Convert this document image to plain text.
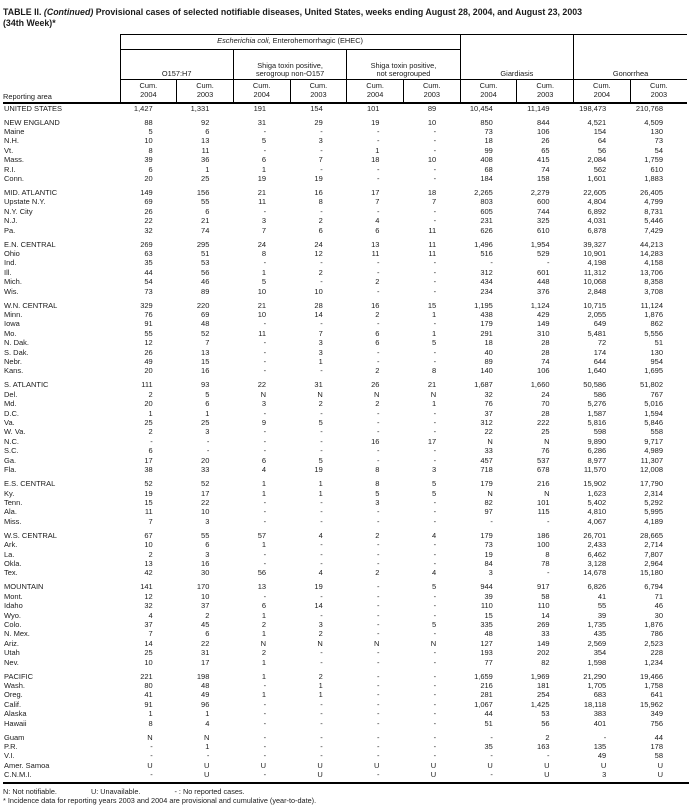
TABLE II. (Continued) Provisional cases of selected notifiable diseases, United States, weeks ending August 28, 2004, and August 23, 2003
(34th Week)*
Reporting area	Escherichia coli, Enterohemorrhagic (EHEC)						Giardiasis		Gonorrhea	

O157:H7

Shiga toxin positive,
serogroup non-O157

Shiga toxin positive,
not serogrouped

Cum.
2004

Cum.
2003

Cum.
2004

Cum.
2003

Cum.
2004

Cum.
2003

Cum.
2004

Cum.
2003

Cum.
2004

Cum.
2003

UNITED STATES	1,427	1,331	191	154	101	89	10,454	11,149	198,473	210,768

NEW ENGLAND	88	92	31	29	19	10	850	844	4,521	4,509
Maine	5	6	-	-	-	-	73	106	154	130
N.H.	10	13	5	3	-	-	18	26	64	73
Vt.	8	11	-	-	1	-	99	65	56	54
Mass.	39	36	6	7	18	10	408	415	2,084	1,759
R.I.	6	1	1	-	-	-	68	74	562	610
Conn.	20	25	19	19	-	-	184	158	1,601	1,883

MID. ATLANTIC	149	156	21	16	17	18	2,265	2,279	22,605	26,405
Upstate N.Y.	69	55	11	8	7	7	803	600	4,804	4,799
N.Y. City	26	6	-	-	-	-	605	744	6,892	8,731
N.J.	22	21	3	2	4	-	231	325	4,031	5,446
Pa.	32	74	7	6	6	11	626	610	6,878	7,429

E.N. CENTRAL	269	295	24	24	13	11	1,496	1,954	39,327	44,213
Ohio	63	51	8	12	11	11	516	529	10,901	14,283
Ind.	35	53	-	-	-	-	-	-	4,198	4,158
Ill.	44	56	1	2	-	-	312	601	11,312	13,706
Mich.	54	46	5	-	2	-	434	448	10,068	8,358
Wis.	73	89	10	10	-	-	234	376	2,848	3,708

W.N. CENTRAL	329	220	21	28	16	15	1,195	1,124	10,715	11,124
Minn.	76	69	10	14	2	1	438	429	2,055	1,876
Iowa	91	48	-	-	-	-	179	149	649	862
Mo.	55	52	11	7	6	1	291	310	5,481	5,556
N. Dak.	12	7	-	3	6	5	18	28	72	51
S. Dak.	26	13	-	3	-	-	40	28	174	130
Nebr.	49	15	-	1	-	-	89	74	644	954
Kans.	20	16	-	-	2	8	140	106	1,640	1,695

S. ATLANTIC	111	93	22	31	26	21	1,687	1,660	50,586	51,802
Del.	2	5	N	N	N	N	32	24	586	767
Md.	20	6	3	2	2	1	76	70	5,276	5,016
D.C.	1	1	-	-	-	-	37	28	1,587	1,594
Va.	25	25	9	5	-	-	312	222	5,816	5,846
W. Va.	2	3	-	-	-	-	22	25	598	558
N.C.	-	-	-	-	16	17	N	N	9,890	9,717
S.C.	6	-	-	-	-	-	33	76	6,286	4,989
Ga.	17	20	6	5	-	-	457	537	8,977	11,307
Fla.	38	33	4	19	8	3	718	678	11,570	12,008

E.S. CENTRAL	52	52	1	1	8	5	179	216	15,902	17,790
Ky.	19	17	1	1	5	5	N	N	1,623	2,314
Tenn.	15	22	-	-	3	-	82	101	5,402	5,292
Ala.	11	10	-	-	-	-	97	115	4,810	5,995
Miss.	7	3	-	-	-	-	-	-	4,067	4,189

W.S. CENTRAL	67	55	57	4	2	4	179	186	26,701	28,665
Ark.	10	6	1	-	-	-	73	100	2,433	2,714
La.	2	3	-	-	-	-	19	8	6,462	7,807
Okla.	13	16	-	-	-	-	84	78	3,128	2,964
Tex.	42	30	56	4	2	4	3	-	14,678	15,180

MOUNTAIN	141	170	13	19	-	5	944	917	6,826	6,794
Mont.	12	10	-	-	-	-	39	58	41	71
Idaho	32	37	6	14	-	-	110	110	55	46
Wyo.	4	2	1	-	-	-	15	14	39	30
Colo.	37	45	2	3	-	5	335	269	1,735	1,876
N. Mex.	7	6	1	2	-	-	48	33	435	786
Ariz.	14	22	N	N	N	N	127	149	2,569	2,523
Utah	25	31	2	-	-	-	193	202	354	228
Nev.	10	17	1	-	-	-	77	82	1,598	1,234

PACIFIC	221	198	1	2	-	-	1,659	1,969	21,290	19,466
Wash.	80	48	-	1	-	-	216	181	1,705	1,758
Oreg.	41	49	1	1	-	-	281	254	683	641
Calif.	91	96	-	-	-	-	1,067	1,425	18,118	15,962
Alaska	1	1	-	-	-	-	44	53	383	349
Hawaii	8	4	-	-	-	-	51	56	401	756

Guam	N	N	-	-	-	-	-	2	-	44
P.R.	-	1	-	-	-	-	35	163	135	178
V.I.	-	-	-	-	-	-	-	-	49	58
Amer. Samoa	U	U	U	U	U	U	U	U	U	U
C.N.M.I.	-	U	-	U	-	U	-	U	3	U
N: Not notifiable.	U: Unavailable.	- : No reported cases.
* Incidence data for reporting years 2003 and 2004 are provisional and cumulative (year-to-date).
